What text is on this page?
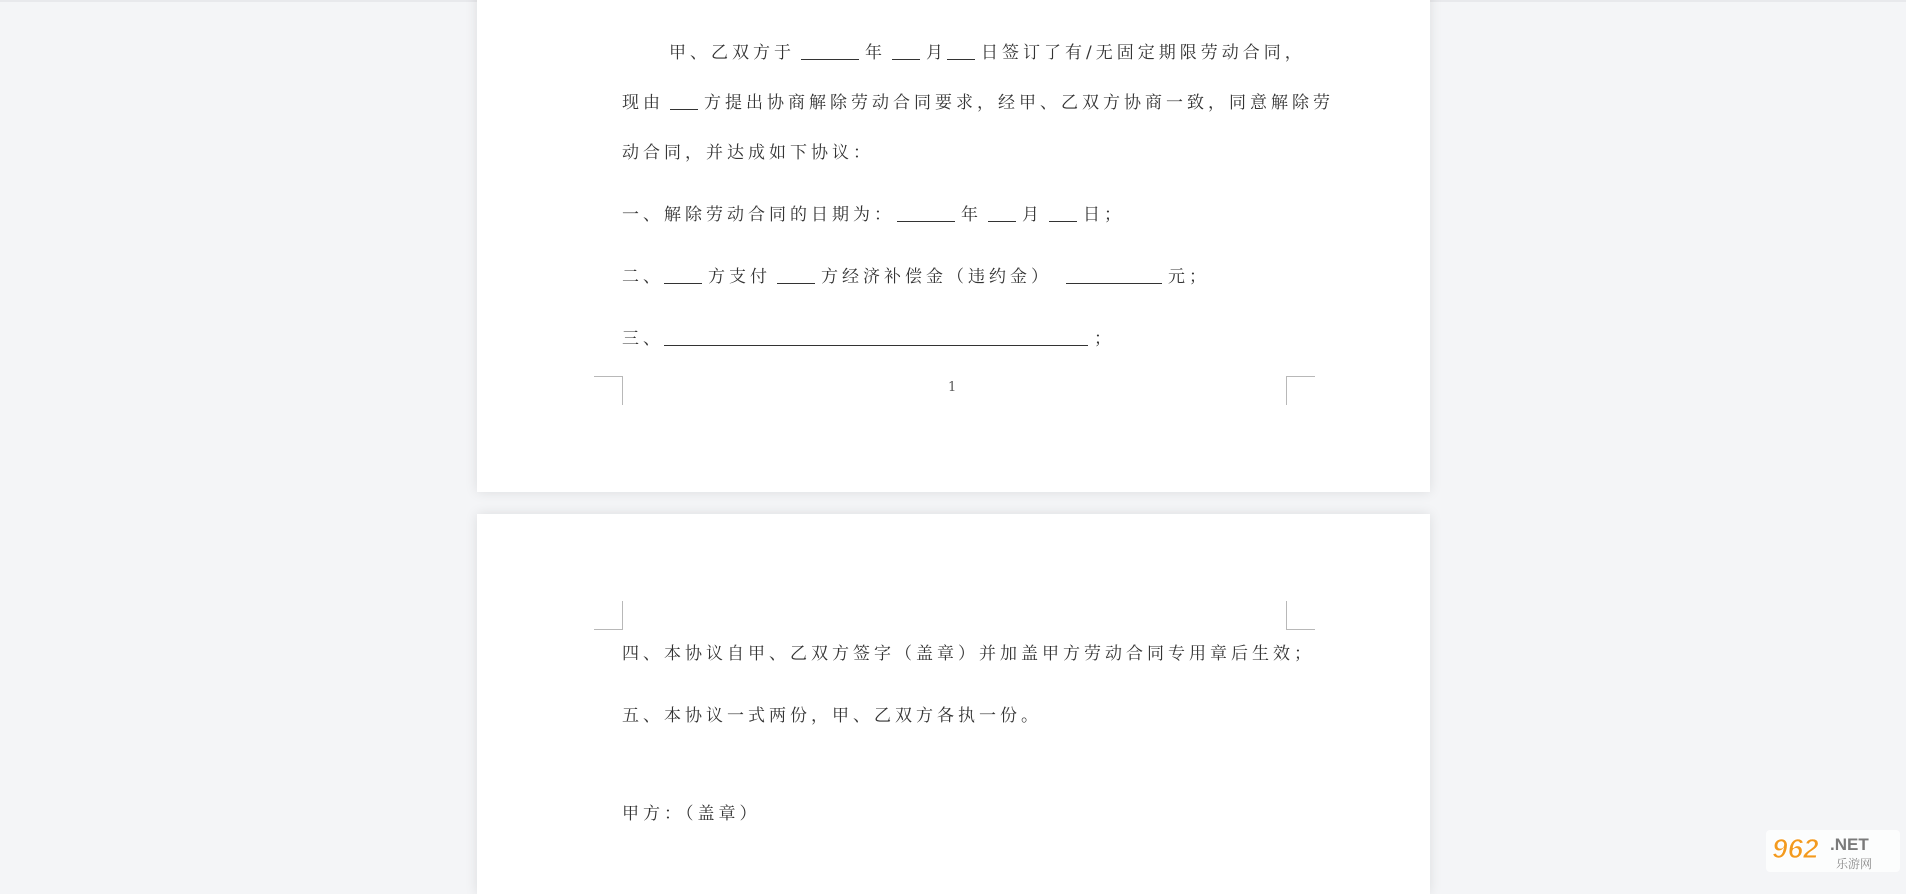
甲、乙双方于	年 月 日签订了有/无固定期限劳动合同，
现由 方提出协商解除劳动合同要求，经甲、乙双方协商一致，同意解除劳
动合同，并达成如下协议：
一、解除劳动合同的日期为：	年 月 日；
二、	方支付	方经济补偿金（违约金）	元；
三、	；
1
四、本协议自甲、乙双方签字（盖章）并加盖甲方劳动合同专用章后生效；
五、本协议一式两份，甲、乙双方各执一份。
甲方：（盖章）
962 .NET
乐游网
